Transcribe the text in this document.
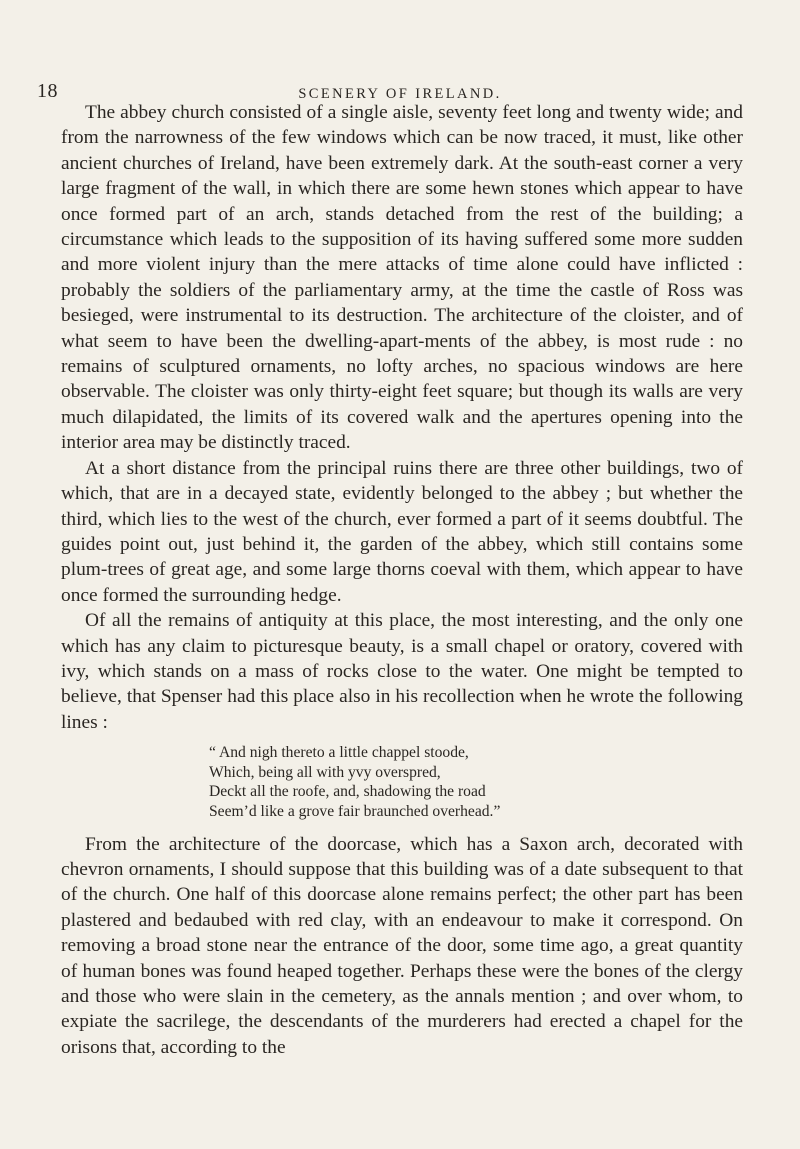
18	SCENERY OF IRELAND.

The abbey church consisted of a single aisle, seventy feet long and twenty wide; and from the narrowness of the few windows which can be now traced, it must, like other ancient churches of Ireland, have been extremely dark. At the south-east corner a very large fragment of the wall, in which there are some hewn stones which appear to have once formed part of an arch, stands detached from the rest of the building; a circumstance which leads to the supposition of its having suffered some more sudden and more violent injury than the mere attacks of time alone could have inflicted : probably the soldiers of the parliamentary army, at the time the castle of Ross was besieged, were instrumental to its destruction. The architecture of the cloister, and of what seem to have been the dwelling-apart-ments of the abbey, is most rude : no remains of sculptured ornaments, no lofty arches, no spacious windows are here observable. The cloister was only thirty-eight feet square; but though its walls are very much dilapidated, the limits of its covered walk and the apertures opening into the interior area may be distinctly traced.

At a short distance from the principal ruins there are three other buildings, two of which, that are in a decayed state, evidently belonged to the abbey ; but whether the third, which lies to the west of the church, ever formed a part of it seems doubtful. The guides point out, just behind it, the garden of the abbey, which still contains some plum-trees of great age, and some large thorns coeval with them, which appear to have once formed the surrounding hedge.

Of all the remains of antiquity at this place, the most interesting, and the only one which has any claim to picturesque beauty, is a small chapel or oratory, covered with ivy, which stands on a mass of rocks close to the water. One might be tempted to believe, that Spenser had this place also in his recollection when he wrote the following lines :

“ And nigh thereto a little chappel stoode,
Which, being all with yvy overspred,
Deckt all the roofe, and, shadowing the road
Seem’d like a grove fair braunched overhead.”

From the architecture of the doorcase, which has a Saxon arch, decorated with chevron ornaments, I should suppose that this building was of a date subsequent to that of the church. One half of this doorcase alone remains perfect; the other part has been plastered and bedaubed with red clay, with an endeavour to make it correspond. On removing a broad stone near the entrance of the door, some time ago, a great quantity of human bones was found heaped together. Perhaps these were the bones of the clergy and those who were slain in the cemetery, as the annals mention ; and over whom, to expiate the sacrilege, the descendants of the murderers had erected a chapel for the orisons that, according to the
